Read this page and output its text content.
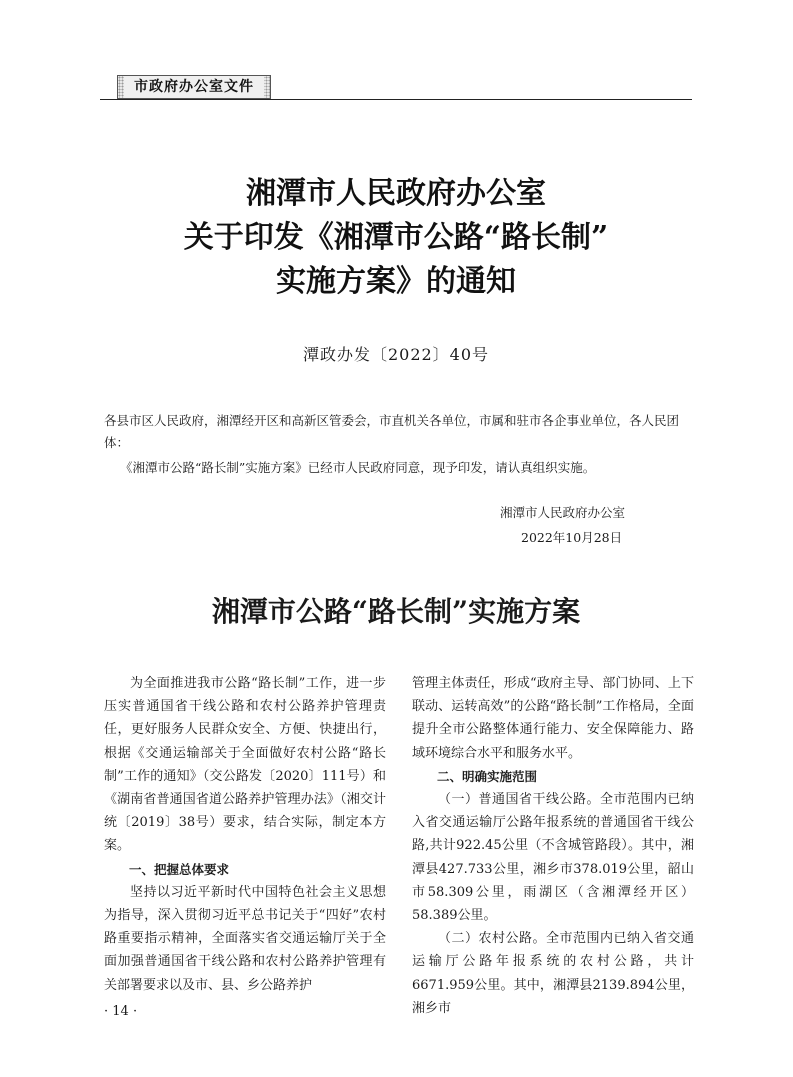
市政府办公室文件
湘潭市人民政府办公室
关于印发《湘潭市公路“路长制”
实施方案》的通知
潭政办发〔2022〕40号
各县市区人民政府，湘潭经开区和高新区管委会，市直机关各单位，市属和驻市各企事业单位，各人民团体：
《湘潭市公路“路长制”实施方案》已经市人民政府同意，现予印发，请认真组织实施。
湘潭市人民政府办公室
2022年10月28日
湘潭市公路“路长制”实施方案

为全面推进我市公路“路长制”工作，进一步压实普通国省干线公路和农村公路养护管理责任，更好服务人民群众安全、方便、快捷出行，根据《交通运输部关于全面做好农村公路“路长制”工作的通知》（交公路发〔2020〕111号）和《湖南省普通国省道公路养护管理办法》（湘交计统〔2019〕38号）要求，结合实际，制定本方案。

一、把握总体要求

坚持以习近平新时代中国特色社会主义思想为指导，深入贯彻习近平总书记关于“四好”农村路重要指示精神，全面落实省交通运输厅关于全面加强普通国省干线公路和农村公路养护管理有关部署要求以及市、县、乡公路养护

管理主体责任，形成“政府主导、部门协同、上下联动、运转高效”的公路“路长制”工作格局，全面提升全市公路整体通行能力、安全保障能力、路域环境综合水平和服务水平。

二、明确实施范围

（一）普通国省干线公路。全市范围内已纳入省交通运输厅公路年报系统的普通国省干线公路,共计922.45公里（不含城管路段）。其中，湘潭县427.733公里，湘乡市378.019公里，韶山市58.309公里，雨湖区（含湘潭经开区）58.389公里。

（二）农村公路。全市范围内已纳入省交通运输厅公路年报系统的农村公路，共计6671.959公里。其中，湘潭县2139.894公里，湘乡市

· 14 ·
